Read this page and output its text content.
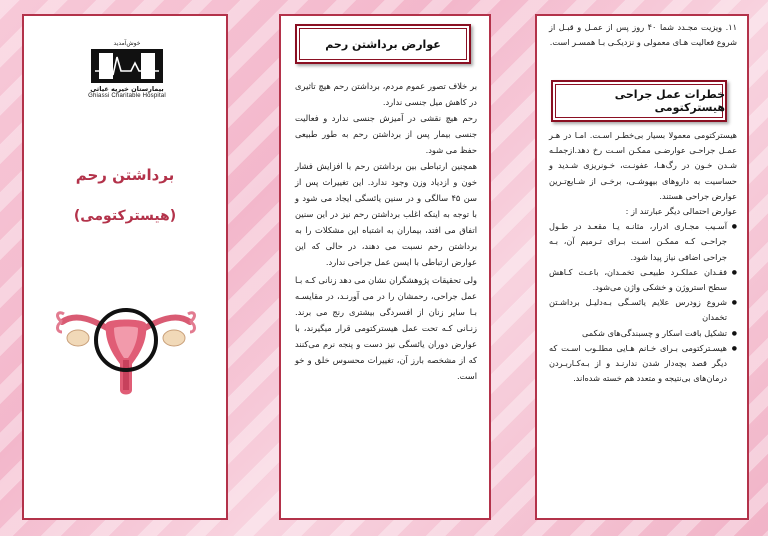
خوش‌آمدید
بیمارستان خیریه غیاثی
Ghiassi Charitable Hospital
برداشتن رحم
(هیسترکتومی)
عوارض برداشتن رحم

بر خلاف تصور عموم مردم، برداشتن رحم هیچ تاثیری در کاهش میل جنسی ندارد.

رحم هیچ نقشی در آمیزش جنسی ندارد و فعالیت جنسی بیمار پس از برداشتن رحم به طور طبیعی حفظ می شود.

همچنین ارتباطی بین برداشتن رحم با افزایش فشار خون و ازدیاد وزن وجود ندارد. این تغییرات پس از سن ۴۵ سالگی و در سنین یائسگی ایجاد می شود و با توجه به اینکه اغلب برداشتن رحم نیز در این سنین اتفاق می افتد، بیماران به اشتباه این مشکلات را به برداشتن رحم نسبت می دهند، در حالی که این عوارض ارتباطی با ایسن عمل جراحی ندارد.

ولی تحقیقات پژوهشگران نشان می دهد زنانی کـه بـا عمل جراحی، رحمشان را در می آورنـد، در مقایسـه بـا سایر زنان از افسردگی بیشتری رنج می برند. زنـانی کـه تحت عمل هیسترکتومی قرار میگیرند، با عوارض دوران یائسگی نیز دست و پنجه نرم می‌کنند که از مشخصه بارز آن، تغییرات محسوس خلق و خو است.

۱۱. ویزیت مجـدد شما ۴۰ روز پس از عمـل و قبـل از شروع فعالیت هـای معمولی و نزدیکـی بـا همسـر است.
خطرات عمل جراحی هیسترکتومی

هیسترکتومی معمولا بسیار بی‌خطـر اسـت. امـا در هـر عمـل جراحـی عوارضـی ممکـن اسـت رخ دهد.ازجملـه شـدن خـون در رگ‌هـا، عفونـت، خـونریزی شـدید و حساسیت به داروهای بیهوشـی، برخـی از شـایع‌تـرین عوارض جراحی هستند.

عوارض احتمالی دیگر عبارتند از :

● آسـیب مجـاری ادرار، مثانـه یـا مقعـد در طـول جراحـی کـه ممکـن اسـت بـرای تـرمیم آن، بـه جراحی اضافی نیاز پیدا شود.
● فقـدان عملکـرد طبیعـی تخمـدان، باعـث کـاهش سطح استروژن و خشکی واژن می‌شود.
● شروع زودرس علایم یائسـگی بـه‌دلیـل برداشـتن تخمدان
● تشکیل بافت اسکار و چسبندگی‌های شکمی
● هیسـترکتومی بـرای خـانم هـایی مطلـوب اسـت که دیگر قصد بچه‌دار شدن ندارنـد و از بـه‌کـاربـردن درمان‌های بی‌نتیجه و متعدد هم خسته شده‌اند.
